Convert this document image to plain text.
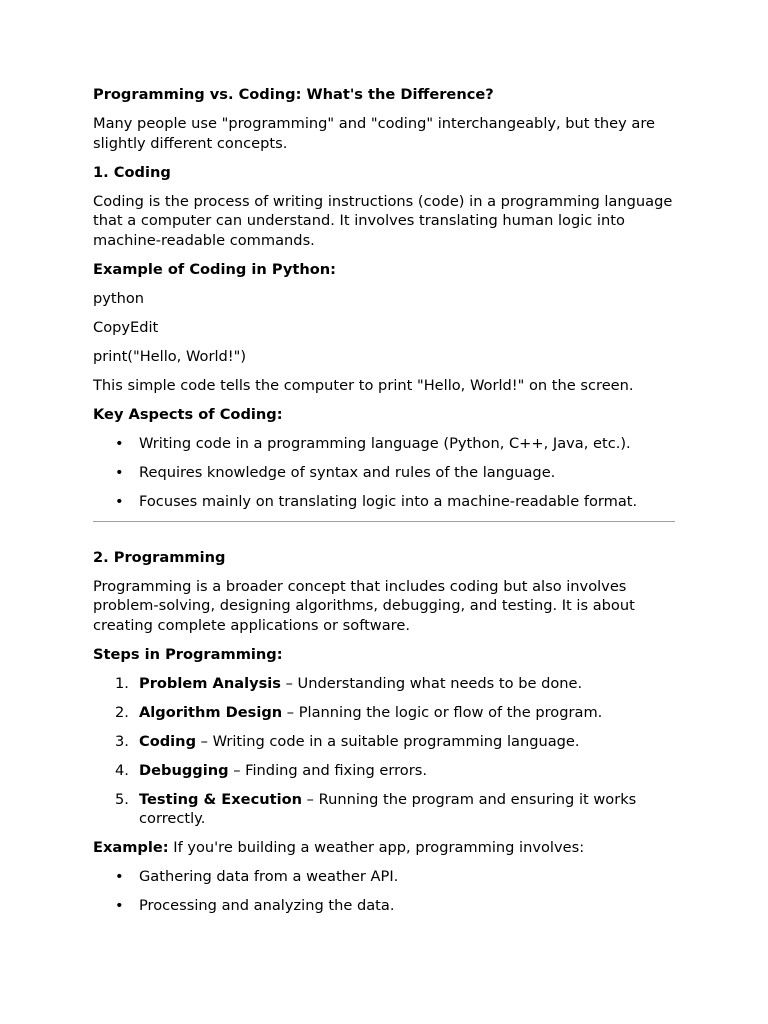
Programming vs. Coding: What's the Difference?

Many people use "programming" and "coding" interchangeably, but they are slightly different concepts.

1. Coding

Coding is the process of writing instructions (code) in a programming language that a computer can understand. It involves translating human logic into machine-readable commands.

Example of Coding in Python:

python

CopyEdit

print("Hello, World!")

This simple code tells the computer to print "Hello, World!" on the screen.

Key Aspects of Coding:

• Writing code in a programming language (Python, C++, Java, etc.).
• Requires knowledge of syntax and rules of the language.
• Focuses mainly on translating logic into a machine-readable format.

2. Programming

Programming is a broader concept that includes coding but also involves problem-solving, designing algorithms, debugging, and testing. It is about creating complete applications or software.

Steps in Programming:

1. Problem Analysis – Understanding what needs to be done.
2. Algorithm Design – Planning the logic or flow of the program.
3. Coding – Writing code in a suitable programming language.
4. Debugging – Finding and fixing errors.
5. Testing & Execution – Running the program and ensuring it works correctly.

Example: If you're building a weather app, programming involves:

• Gathering data from a weather API.
• Processing and analyzing the data.
